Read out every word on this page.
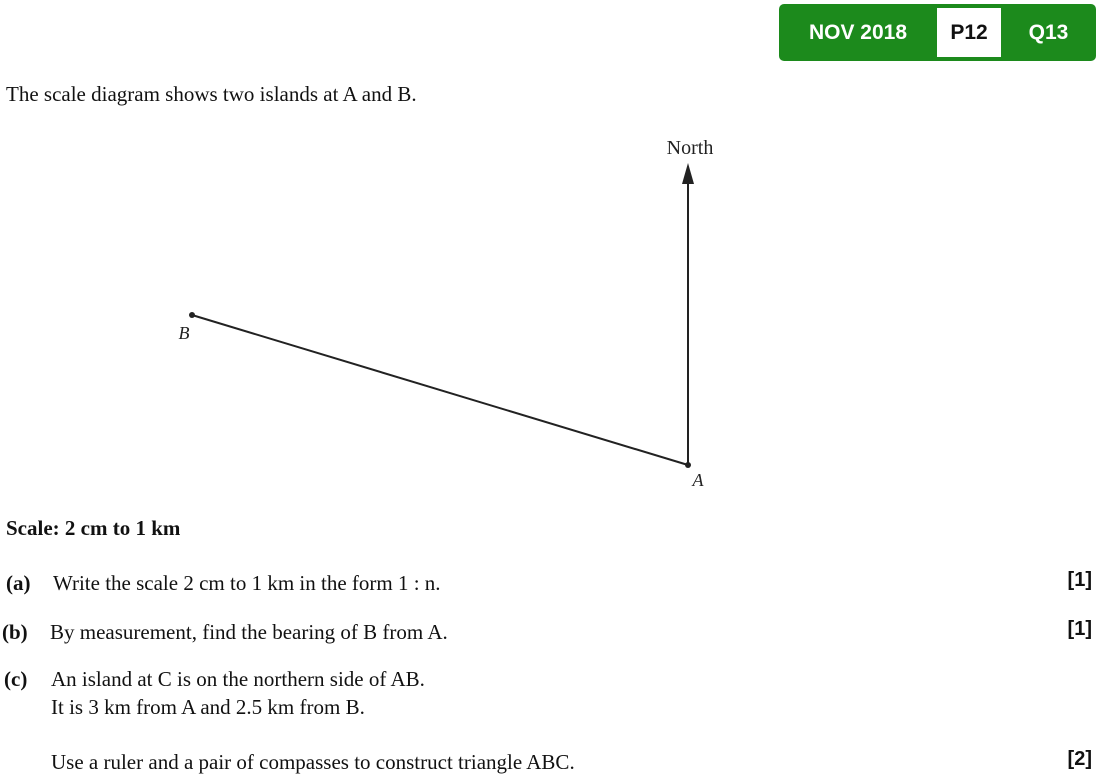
NOV 2018	P12	Q13
The scale diagram shows two islands at A and B.
North
B
A
Scale: 2 cm to 1 km
(a) Write the scale 2 cm to 1 km in the form 1 : n.	[1]
(b) By measurement, find the bearing of B from A.	[1]
(c) An island at C is on the northern side of AB.
It is 3 km from A and 2.5 km from B.
Use a ruler and a pair of compasses to construct triangle ABC.	[2]
